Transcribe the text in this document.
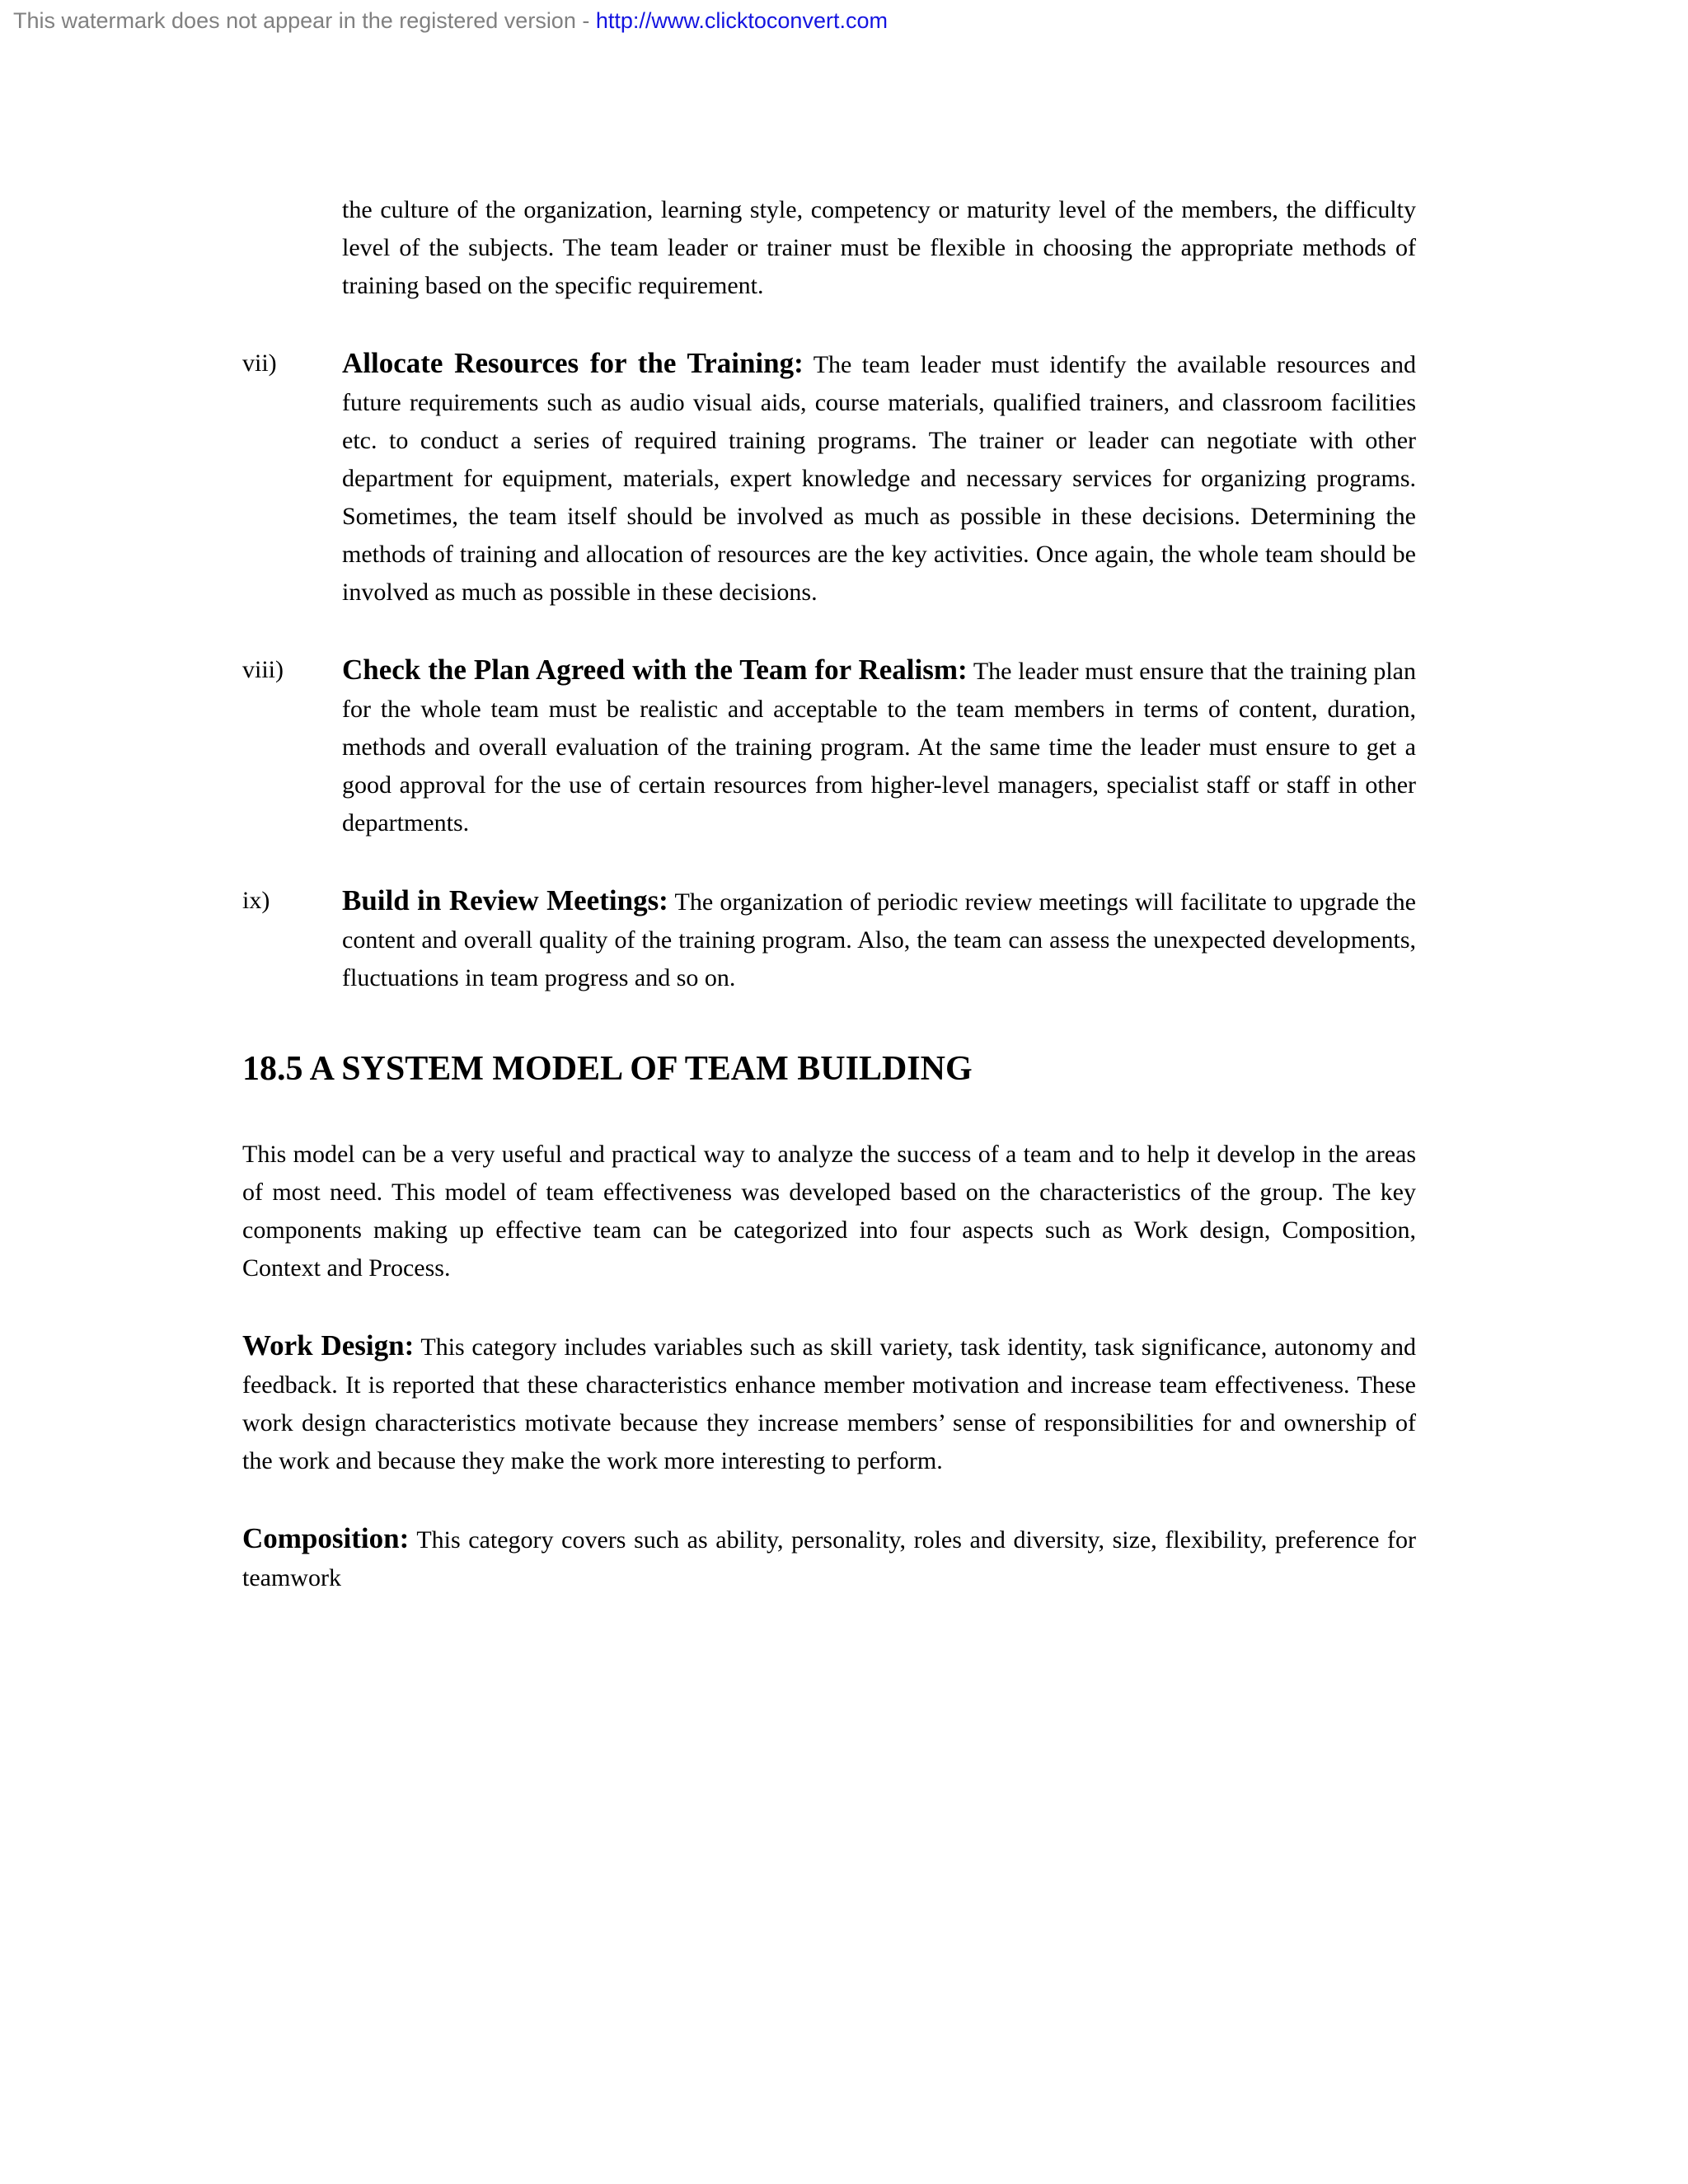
This watermark does not appear in the registered version - http://www.clicktoconvert.com

the culture of the organization, learning style, competency or maturity level of the members, the difficulty level of the subjects. The team leader or trainer must be flexible in choosing the appropriate methods of training based on the specific requirement.

vii) Allocate Resources for the Training: The team leader must identify the available resources and future requirements such as audio visual aids, course materials, qualified trainers, and classroom facilities etc. to conduct a series of required training programs. The trainer or leader can negotiate with other department for equipment, materials, expert knowledge and necessary services for organizing programs. Sometimes, the team itself should be involved as much as possible in these decisions. Determining the methods of training and allocation of resources are the key activities. Once again, the whole team should be involved as much as possible in these decisions.
viii) Check the Plan Agreed with the Team for Realism: The leader must ensure that the training plan for the whole team must be realistic and acceptable to the team members in terms of content, duration, methods and overall evaluation of the training program. At the same time the leader must ensure to get a good approval for the use of certain resources from higher-level managers, specialist staff or staff in other departments.
ix)	Build in Review Meetings: The organization of periodic review meetings will facilitate to upgrade the content and overall quality of the training program. Also, the team can assess the unexpected developments, fluctuations in team progress and so on.
18.5 A SYSTEM MODEL OF TEAM BUILDING

This model can be a very useful and practical way to analyze the success of a team and to help it develop in the areas of most need. This model of team effectiveness was developed based on the characteristics of the group. The key components making up effective team can be categorized into four aspects such as Work design, Composition, Context and Process.

Work Design: This category includes variables such as skill variety, task identity, task significance, autonomy and feedback. It is reported that these characteristics enhance member motivation and increase team effectiveness. These work design characteristics motivate because they increase members’ sense of responsibilities for and ownership of the work and because they make the work more interesting to perform.

Composition: This category covers such as ability, personality, roles and diversity, size, flexibility, preference for teamwork
